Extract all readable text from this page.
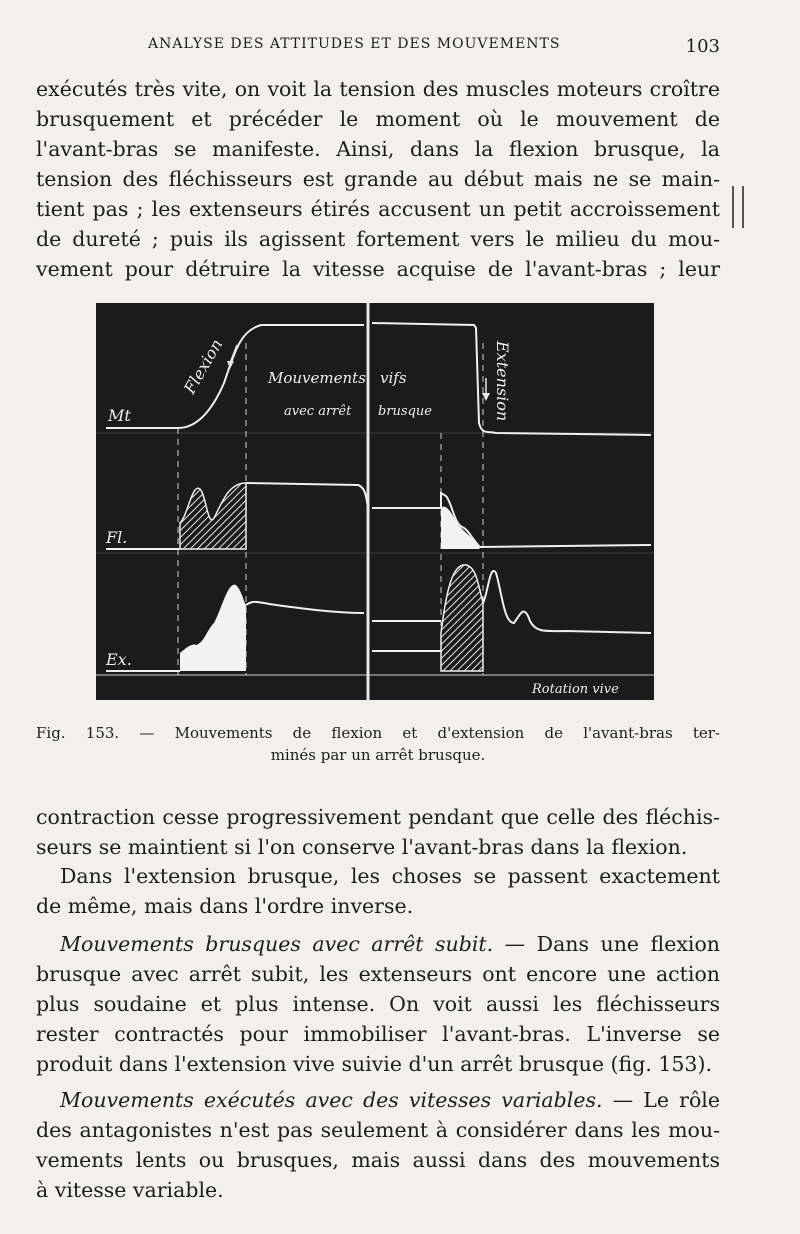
ANALYSE DES ATTITUDES ET DES MOUVEMENTS	103

exécutés très vite, on voit la tension des muscles moteurs croître
brusquement et précéder le moment où le mouvement de
l'avant-bras se manifeste. Ainsi, dans la flexion brusque, la
tension des fléchisseurs est grande au début mais ne se main-
tient pas ; les extenseurs étirés accusent un petit accroissement
de dureté ; puis ils agissent fortement vers le milieu du mou-
vement pour détruire la vitesse acquise de l'avant-bras ; leur

Flexion	Extension
Mouvements vifs
avec arrêt brusque
Mt
Fl.
Ex.
Rotation vive
Fig. 153. — Mouvements de flexion et d'extension de l'avant-bras ter-
minés par un arrêt brusque.

contraction cesse progressivement pendant que celle des fléchis-
seurs se maintient si l'on conserve l'avant-bras dans la flexion.

Dans l'extension brusque, les choses se passent exactement
de même, mais dans l'ordre inverse.

Mouvements brusques avec arrêt subit. — Dans une flexion
brusque avec arrêt subit, les extenseurs ont encore une action
plus soudaine et plus intense. On voit aussi les fléchisseurs
rester contractés pour immobiliser l'avant-bras. L'inverse se
produit dans l'extension vive suivie d'un arrêt brusque (fig. 153).

Mouvements exécutés avec des vitesses variables. — Le rôle
des antagonistes n'est pas seulement à considérer dans les mou-
vements lents ou brusques, mais aussi dans des mouvements
à vitesse variable.
